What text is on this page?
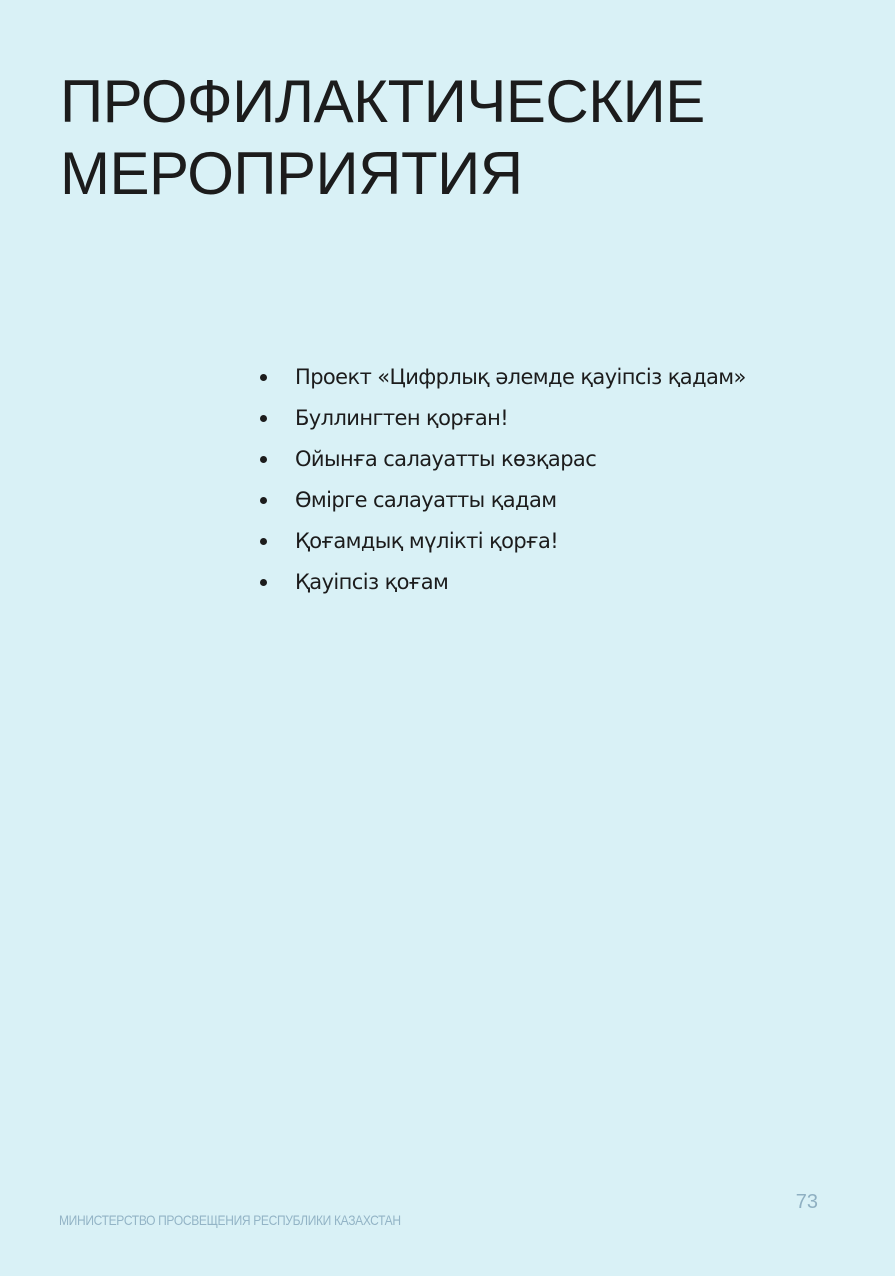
ПРОФИЛАКТИЧЕСКИЕ
МЕРОПРИЯТИЯ
Проект «Цифрлық әлемде қауіпсіз қадам»
Буллингтен қорған!
Ойынға салауатты көзқарас
Өмірге салауатты қадам
Қоғамдық мүлікті қорға!
Қауіпсіз қоғам
73
МИНИСТЕРСТВО ПРОСВЕЩЕНИЯ РЕСПУБЛИКИ КАЗАХСТАН
